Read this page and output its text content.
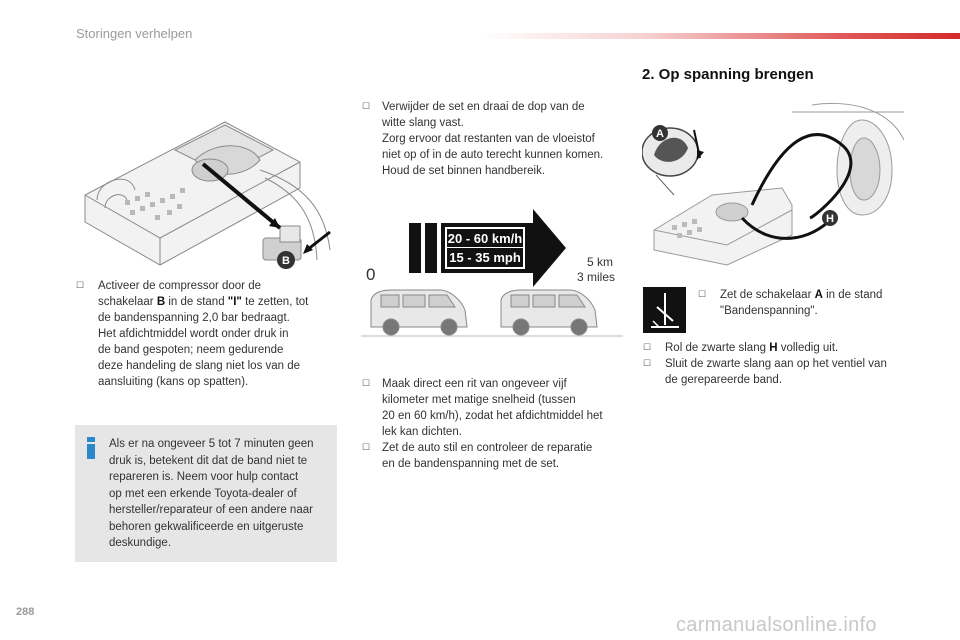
Storingen verhelpen
B
☐ Activeer de compressor door de
schakelaar B in de stand "I" te zetten, tot
de bandenspanning 2,0 bar bedraagt.
Het afdichtmiddel wordt onder druk in
de band gespoten; neem gedurende
deze handeling de slang niet los van de
aansluiting (kans op spatten).
Als er na ongeveer 5 tot 7 minuten geen
druk is, betekent dit dat de band niet te
repareren is. Neem voor hulp contact
op met een erkende Toyota-dealer of
hersteller/reparateur of een andere naar
behoren gekwalificeerde en uitgeruste
deskundige.
☐ Verwijder de set en draai de dop van de
witte slang vast.
Zorg ervoor dat restanten van de vloeistof
niet op of in de auto terecht kunnen komen.
Houd de set binnen handbereik.
20 - 60 km/h
15 - 35 mph
0
5 km
3 miles
☐ Maak direct een rit van ongeveer vijf
kilometer met matige snelheid (tussen
20 en 60 km/h), zodat het afdichtmiddel het
lek kan dichten.
☐ Zet de auto stil en controleer de reparatie
en de bandenspanning met de set.
2. Op spanning brengen
A
H
☐ Zet de schakelaar A in de stand
"Bandenspanning".
☐ Rol de zwarte slang H volledig uit.
☐ Sluit de zwarte slang aan op het ventiel van
de gerepareerde band.
288
carmanualsonline.info
